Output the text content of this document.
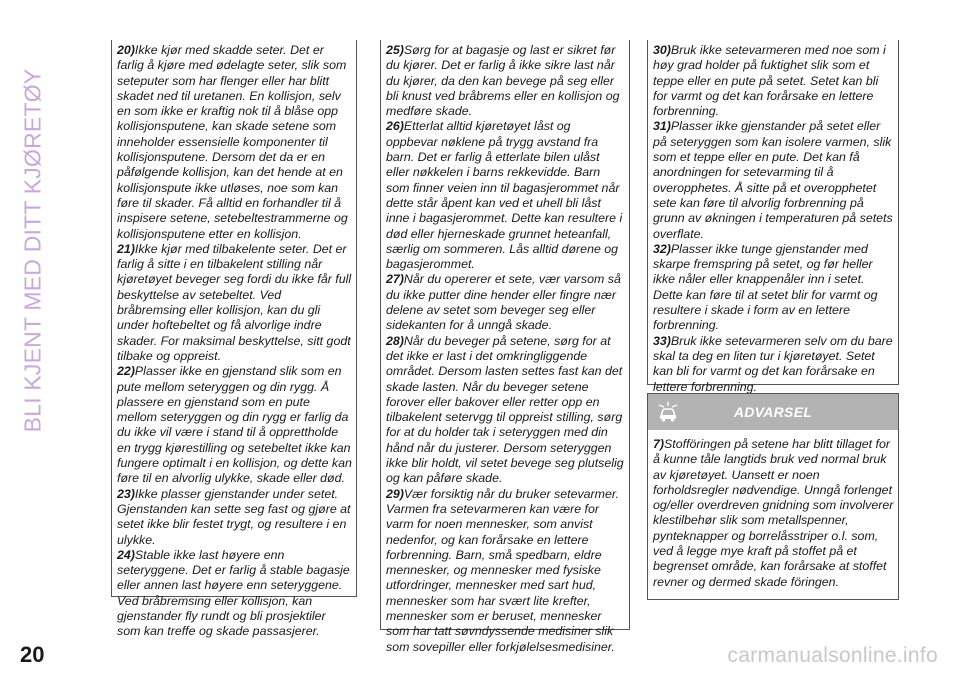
BLI KJENT MED DITT KJØRETØY

20)Ikke kjør med skadde seter. Det er farlig å kjøre med ødelagte seter, slik som seteputer som har flenger eller har blitt skadet ned til uretanen. En kollisjon, selv en som ikke er kraftig nok til å blåse opp kollisjonsputene, kan skade setene som inneholder essensielle komponenter til kollisjonsputene. Dersom det da er en påfølgende kollisjon, kan det hende at en kollisjonspute ikke utløses, noe som kan føre til skader. Få alltid en forhandler til å inspisere setene, setebeltestrammerne og kollisjonsputene etter en kollisjon.

21)Ikke kjør med tilbakelente seter. Det er farlig å sitte i en tilbakelent stilling når kjøretøyet beveger seg fordi du ikke får full beskyttelse av setebeltet. Ved bråbremsing eller kollisjon, kan du gli under hoftebeltet og få alvorlige indre skader. For maksimal beskyttelse, sitt godt tilbake og oppreist.

22)Plasser ikke en gjenstand slik som en pute mellom seteryggen og din rygg. Å plassere en gjenstand som en pute mellom seteryggen og din rygg er farlig da du ikke vil være i stand til å opprettholde en trygg kjørestilling og setebeltet ikke kan fungere optimalt i en kollisjon, og dette kan føre til en alvorlig ulykke, skade eller død.

23)Ikke plasser gjenstander under setet. Gjenstanden kan sette seg fast og gjøre at setet ikke blir festet trygt, og resultere i en ulykke.

24)Stable ikke last høyere enn seteryggene. Det er farlig å stable bagasje eller annen last høyere enn seteryggene. Ved bråbremsing eller kollisjon, kan gjenstander fly rundt og bli prosjektiler som kan treffe og skade passasjerer.

25)Sørg for at bagasje og last er sikret før du kjører. Det er farlig å ikke sikre last når du kjører, da den kan bevege på seg eller bli knust ved bråbrems eller en kollisjon og medføre skade.

26)Etterlat alltid kjøretøyet låst og oppbevar nøklene på trygg avstand fra barn. Det er farlig å etterlate bilen ulåst eller nøkkelen i barns rekkevidde. Barn som finner veien inn til bagasjerommet når dette står åpent kan ved et uhell bli låst inne i bagasjerommet. Dette kan resultere i død eller hjerneskade grunnet heteanfall, særlig om sommeren. Lås alltid dørene og bagasjerommet.

27)Når du opererer et sete, vær varsom så du ikke putter dine hender eller fingre nær delene av setet som beveger seg eller sidekanten for å unngå skade.

28)Når du beveger på setene, sørg for at det ikke er last i det omkringliggende området. Dersom lasten settes fast kan det skade lasten. Når du beveger setene forover eller bakover eller retter opp en tilbakelent setervgg til oppreist stilling, sørg for at du holder tak i seteryggen med din hånd når du justerer. Dersom seteryggen ikke blir holdt, vil setet bevege seg plutselig og kan påføre skade.

29)Vær forsiktig når du bruker setevarmer. Varmen fra setevarmeren kan være for varm for noen mennesker, som anvist nedenfor, og kan forårsake en lettere forbrenning. Barn, små spedbarn, eldre mennesker, og mennesker med fysiske utfordringer, mennesker med sart hud, mennesker som har svært lite krefter, mennesker som er beruset, mennesker som har tatt søvndyssende medisiner slik som sovepiller eller forkjølelsesmedisiner.

30)Bruk ikke setevarmeren med noe som i høy grad holder på fuktighet slik som et teppe eller en pute på setet. Setet kan bli for varmt og det kan forårsake en lettere forbrenning.

31)Plasser ikke gjenstander på setet eller på seteryggen som kan isolere varmen, slik som et teppe eller en pute. Det kan få anordningen for setevarming til å overopphetes. Å sitte på et overopphetet sete kan føre til alvorlig forbrenning på grunn av økningen i temperaturen på setets overflate.

32)Plasser ikke tunge gjenstander med skarpe fremspring på setet, og før heller ikke nåler eller knappenåler inn i setet. Dette kan føre til at setet blir for varmt og resultere i skade i form av en lettere forbrenning.

33)Bruk ikke setevarmeren selv om du bare skal ta deg en liten tur i kjøretøyet. Setet kan bli for varmt og det kan forårsake en lettere forbrenning.

ADVARSEL

7)Stofföringen på setene har blitt tillaget for å kunne tåle langtids bruk ved normal bruk av kjøretøyet. Uansett er noen forholdsregler nødvendige. Unngå forlenget og/eller overdreven gnidning som involverer klestilbehør slik som metallspenner, pynteknapper og borrelåsstriper o.l. som, ved å legge mye kraft på stoffet på et begrenset område, kan forårsake at stoffet revner og dermed skade föringen.

20	carmanualsonline.info
